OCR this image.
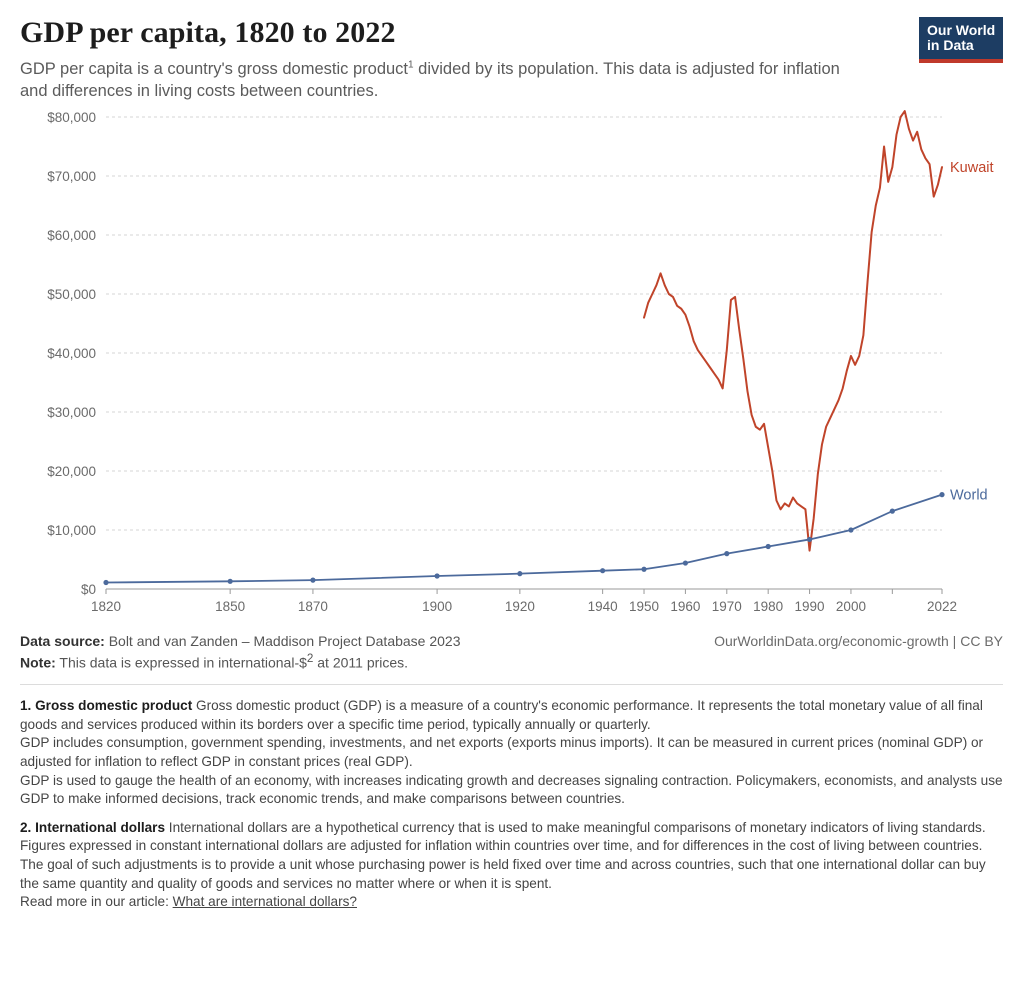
Our World
in Data
GDP per capita, 1820 to 2022
GDP per capita is a country's gross domestic product$^1$ divided by its population. This data is adjusted for inflation and differences in living costs between countries.
$0
$10,000
$20,000
$30,000
$40,000
$50,000
$60,000
$70,000
$80,000
1820	1850	1870	1900	1920	1940 1950 1960 1970 1980 1990 2000	2022
Kuwait
World
Data source: Bolt and van Zanden – Maddison Project Database 2023
Note: This data is expressed in international-\$$^2$ at 2011 prices.
OurWorldinData.org/economic-growth | CC BY

1. Gross domestic product Gross domestic product (GDP) is a measure of a country's economic performance. It represents the total monetary value of all final goods and services produced within its borders over a specific time period, typically annually or quarterly.
GDP includes consumption, government spending, investments, and net exports (exports minus imports). It can be measured in current prices (nominal GDP) or adjusted for inflation to reflect GDP in constant prices (real GDP).
GDP is used to gauge the health of an economy, with increases indicating growth and decreases signaling contraction. Policymakers, economists, and analysts use GDP to make informed decisions, track economic trends, and make comparisons between countries.

2. International dollars International dollars are a hypothetical currency that is used to make meaningful comparisons of monetary indicators of living standards.
Figures expressed in constant international dollars are adjusted for inflation within countries over time, and for differences in the cost of living between countries.
The goal of such adjustments is to provide a unit whose purchasing power is held fixed over time and across countries, such that one international dollar can buy the same quantity and quality of goods and services no matter where or when it is spent.
Read more in our article: What are international dollars?
